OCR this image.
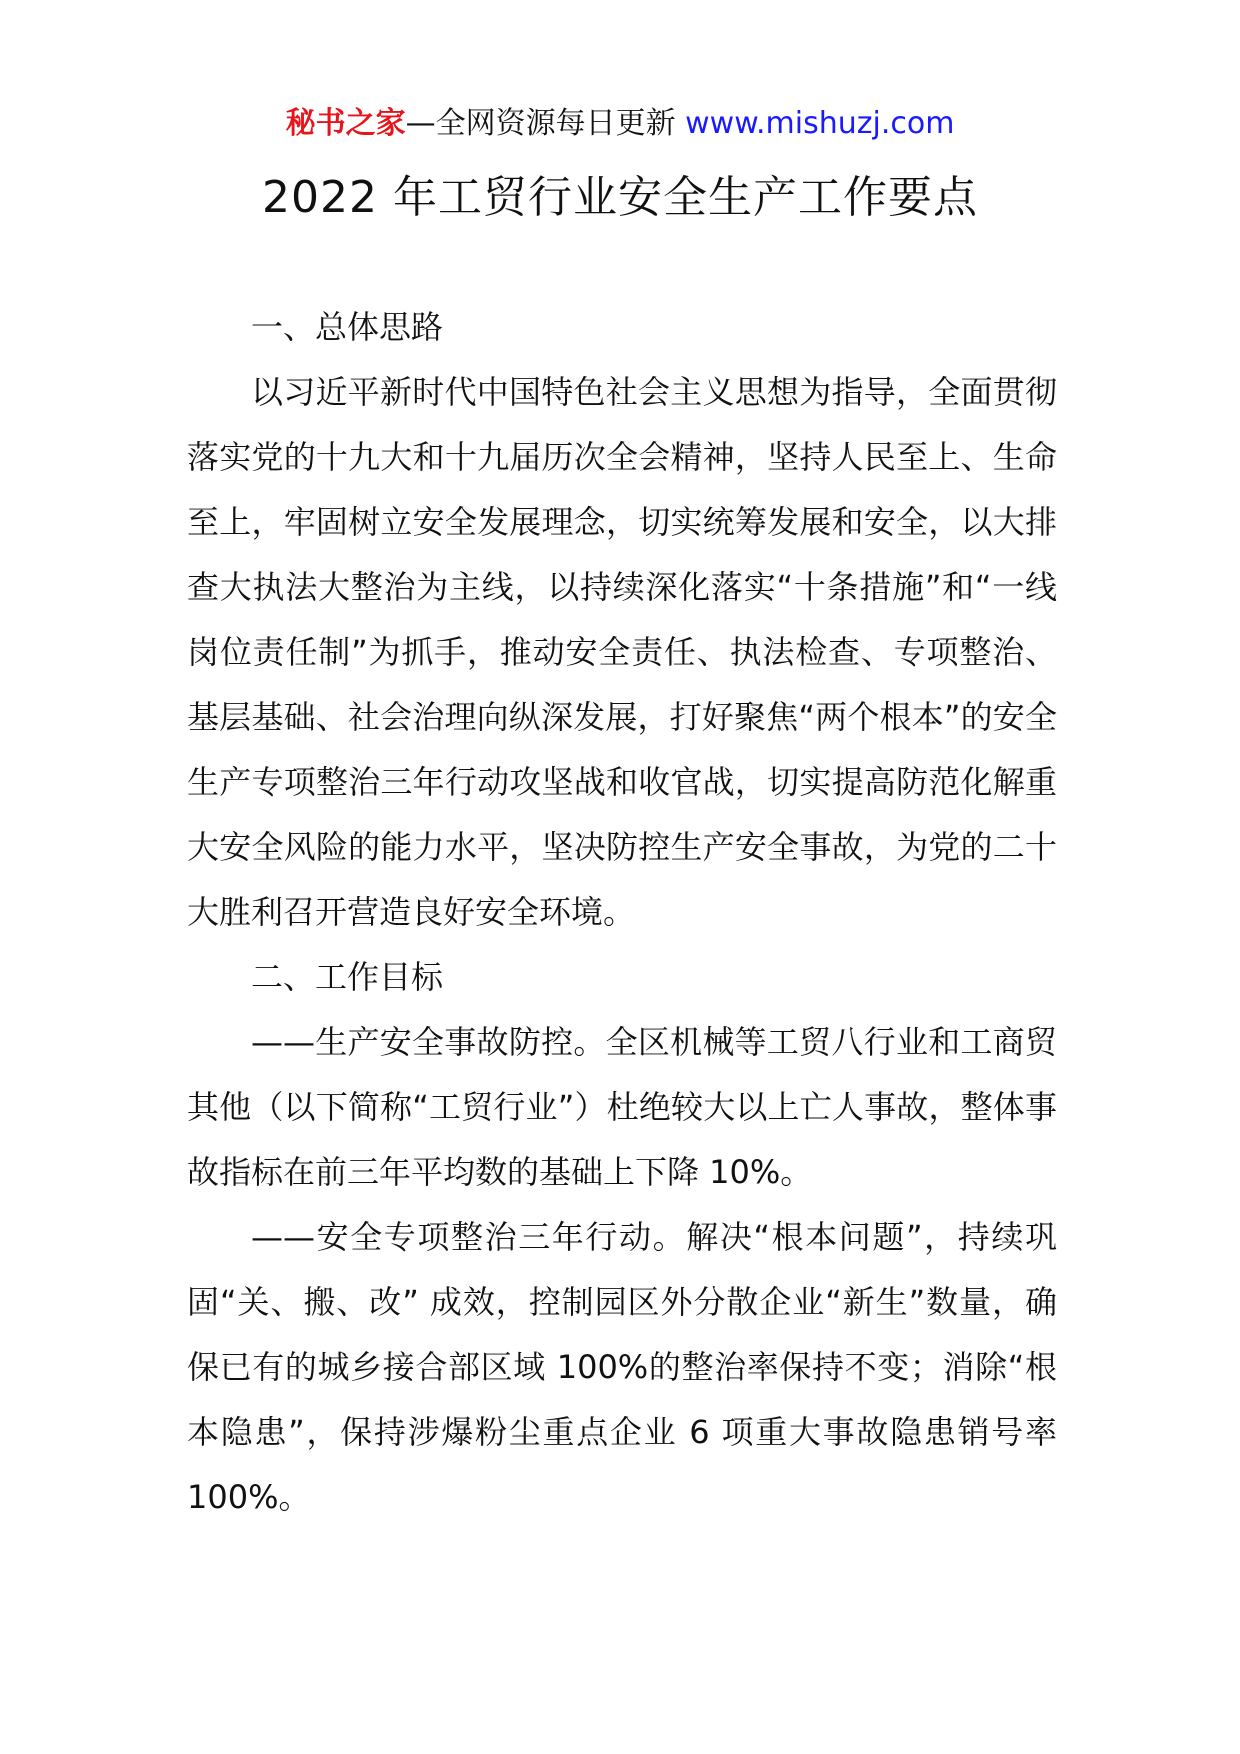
秘书之家—全网资源每日更新 www.mishuzj.com
2022 年工贸行业安全生产工作要点

一、总体思路

以习近平新时代中国特色社会主义思想为指导，全面贯彻落实党的十九大和十九届历次全会精神，坚持人民至上、生命至上，牢固树立安全发展理念，切实统筹发展和安全，以大排查大执法大整治为主线，以持续深化落实“十条措施”和“一线岗位责任制”为抓手，推动安全责任、执法检查、专项整治、基层基础、社会治理向纵深发展，打好聚焦“两个根本”的安全生产专项整治三年行动攻坚战和收官战，切实提高防范化解重大安全风险的能力水平，坚决防控生产安全事故，为党的二十大胜利召开营造良好安全环境。

二、工作目标

——生产安全事故防控。全区机械等工贸八行业和工商贸其他（以下简称“工贸行业”）杜绝较大以上亡人事故，整体事故指标在前三年平均数的基础上下降 10%。

——安全专项整治三年行动。解决“根本问题”，持续巩固“关、搬、改” 成效，控制园区外分散企业“新生”数量，确保已有的城乡接合部区域 100%的整治率保持不变；消除“根本隐患”，保持涉爆粉尘重点企业 6 项重大事故隐患销号率 100%。
